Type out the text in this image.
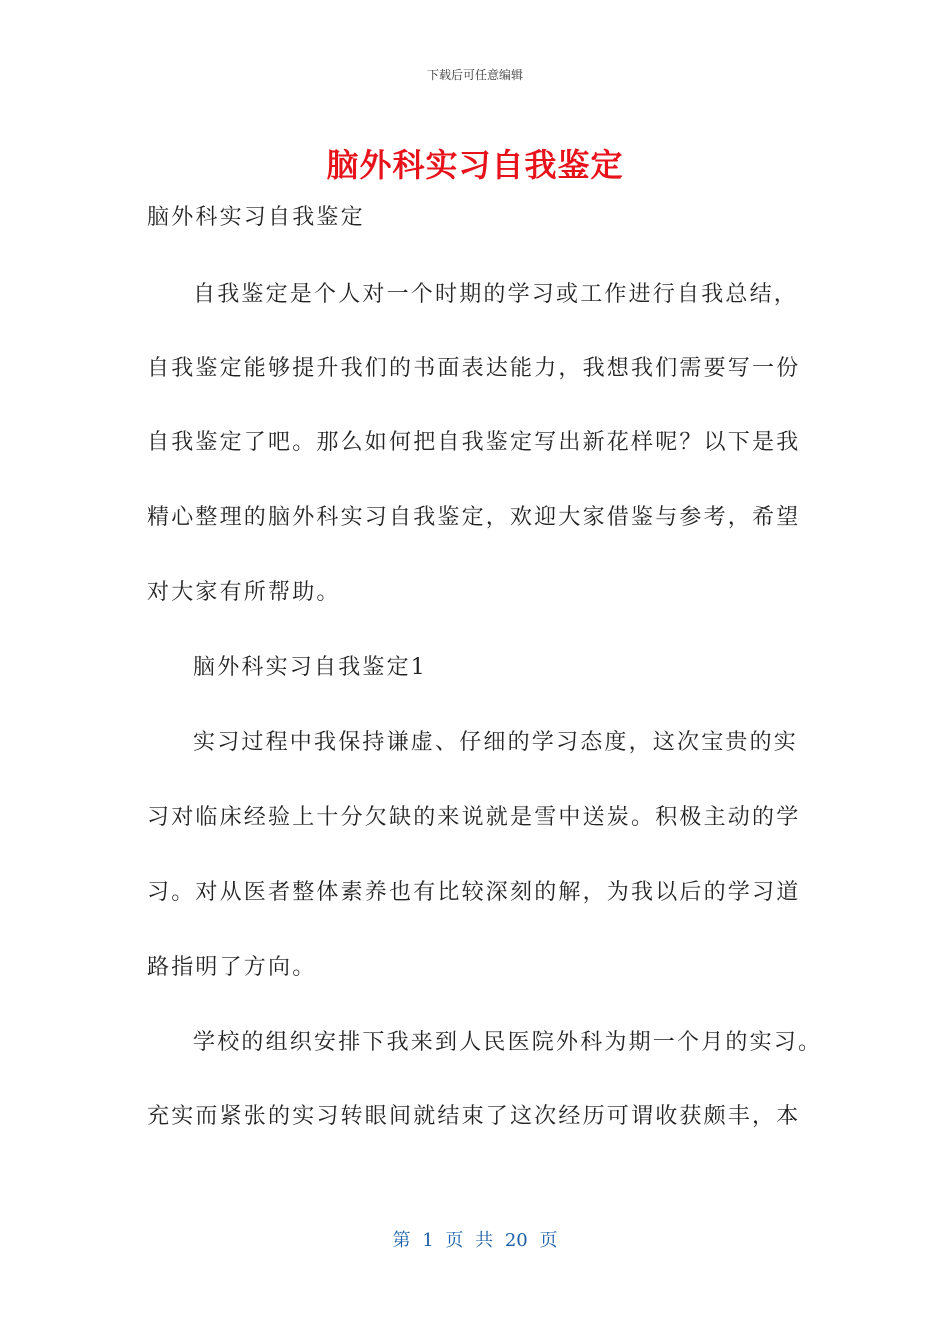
下载后可任意编辑
脑外科实习自我鉴定
脑外科实习自我鉴定
自我鉴定是个人对一个时期的学习或工作进行自我总结，
自我鉴定能够提升我们的书面表达能力，我想我们需要写一份
自我鉴定了吧。那么如何把自我鉴定写出新花样呢？以下是我
精心整理的脑外科实习自我鉴定，欢迎大家借鉴与参考，希望
对大家有所帮助。
脑外科实习自我鉴定1
实习过程中我保持谦虚、仔细的学习态度，这次宝贵的实
习对临床经验上十分欠缺的来说就是雪中送炭。积极主动的学
习。对从医者整体素养也有比较深刻的解，为我以后的学习道
路指明了方向。
学校的组织安排下我来到人民医院外科为期一个月的实习。
充实而紧张的实习转眼间就结束了这次经历可谓收获颇丰，本
第 1 页 共 20 页
